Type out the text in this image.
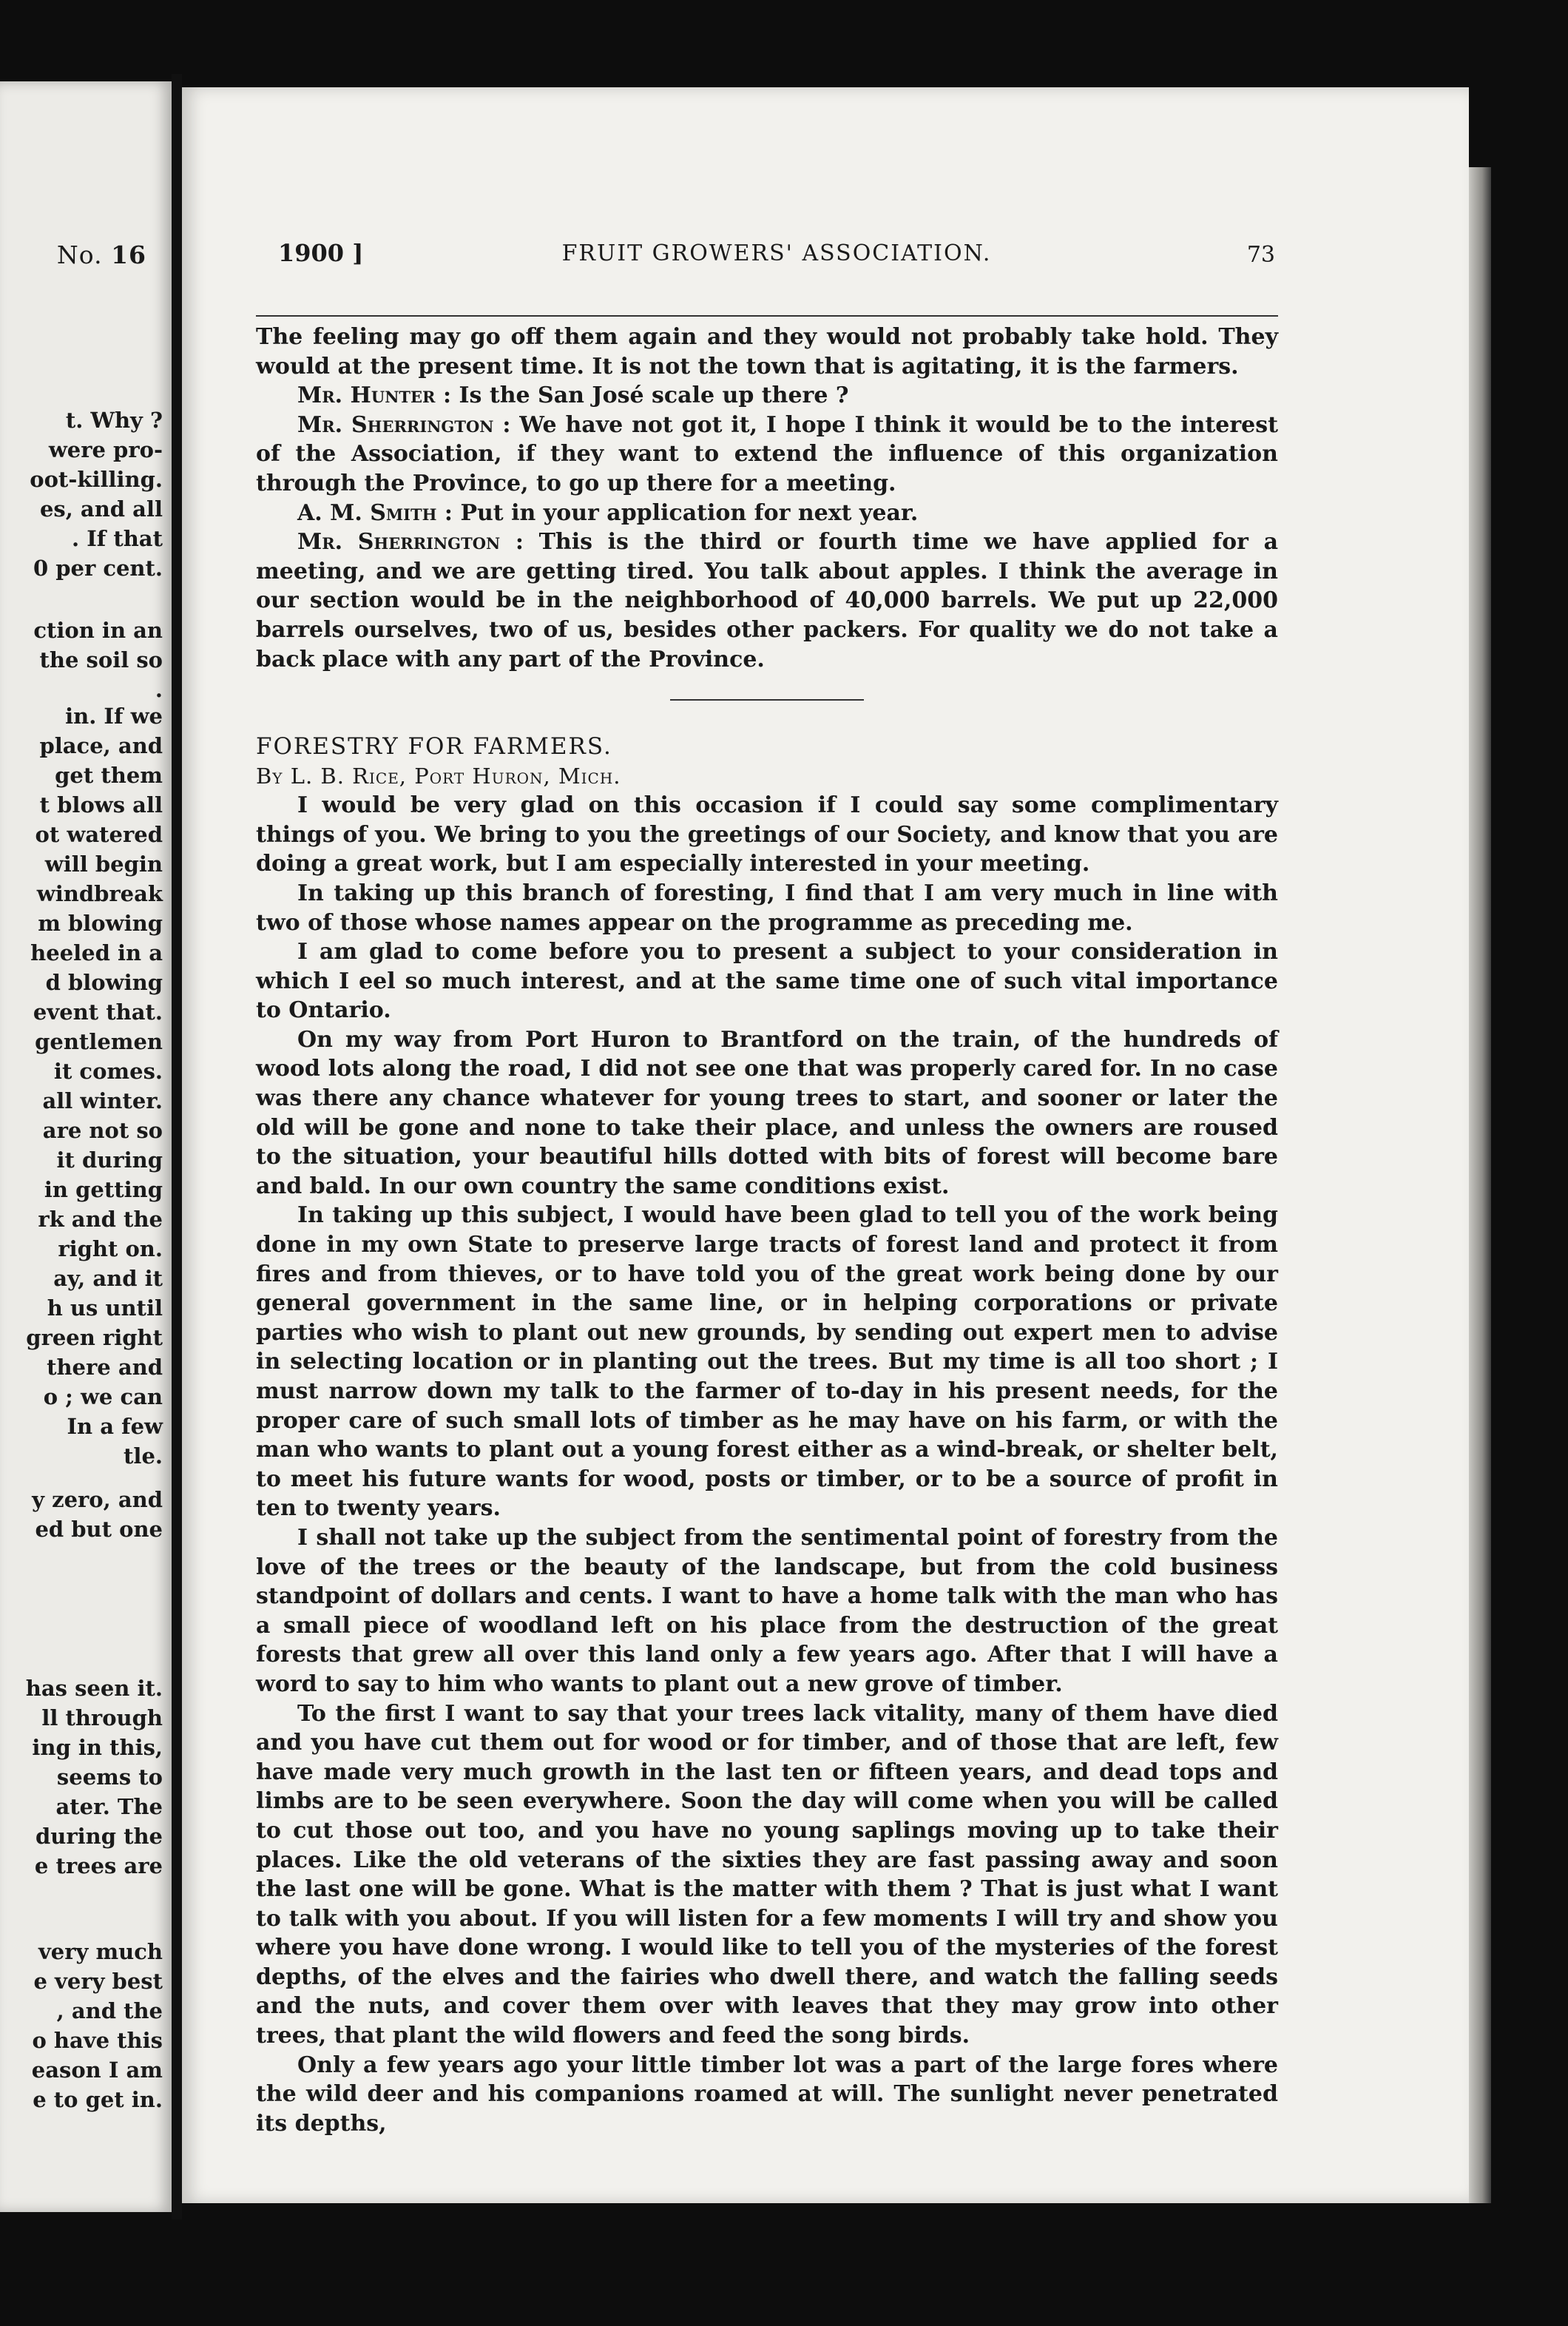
No. 16

t. Why ?
were pro-
oot-killing.
es, and all
. If that
0 per cent.
ction in an
the soil so
.
in. If we
place, and
get them
t blows all
ot watered
will begin
windbreak
m blowing
heeled in a
d blowing
event that.
gentlemen
it comes.
all winter.
are not so
it during
in getting
rk and the
right on.
ay, and it
h us until
green right
there and
o ; we can
In a few
tle.
y zero, and
ed but one
has seen it.
ll through
ing in this,
seems to
ater. The
during the
e trees are
very much
e very best
, and the
o have this
eason I am
e to get in.
1900 ]	FRUIT GROWERS' ASSOCIATION.	73

The feeling may go off them again and they would not probably take hold. They would at the present time. It is not the town that is agitating, it is the farmers.

Mr. Hunter : Is the San José scale up there ?

Mr. Sherrington : We have not got it, I hope I think it would be to the interest of the Association, if they want to extend the influence of this organization through the Province, to go up there for a meeting.

A. M. Smith : Put in your application for next year.

Mr. Sherrington : This is the third or fourth time we have applied for a meeting, and we are getting tired. You talk about apples. I think the average in our section would be in the neighborhood of 40,000 barrels. We put up 22,000 barrels ourselves, two of us, besides other packers. For quality we do not take a back place with any part of the Province.

FORESTRY FOR FARMERS.

By L. B. Rice, Port Huron, Mich.

I would be very glad on this occasion if I could say some complimentary things of you. We bring to you the greetings of our Society, and know that you are doing a great work, but I am especially interested in your meeting.

In taking up this branch of foresting, I find that I am very much in line with two of those whose names appear on the programme as preceding me.

I am glad to come before you to present a subject to your consideration in which I eel so much interest, and at the same time one of such vital importance to Ontario.

On my way from Port Huron to Brantford on the train, of the hundreds of wood lots along the road, I did not see one that was properly cared for. In no case was there any chance whatever for young trees to start, and sooner or later the old will be gone and none to take their place, and unless the owners are roused to the situation, your beautiful hills dotted with bits of forest will become bare and bald. In our own country the same conditions exist.

In taking up this subject, I would have been glad to tell you of the work being done in my own State to preserve large tracts of forest land and protect it from fires and from thieves, or to have told you of the great work being done by our general government in the same line, or in helping corporations or private parties who wish to plant out new grounds, by sending out expert men to advise in selecting location or in planting out the trees. But my time is all too short ; I must narrow down my talk to the farmer of to-day in his present needs, for the proper care of such small lots of timber as he may have on his farm, or with the man who wants to plant out a young forest either as a wind-break, or shelter belt, to meet his future wants for wood, posts or timber, or to be a source of profit in ten to twenty years.

I shall not take up the subject from the sentimental point of forestry from the love of the trees or the beauty of the landscape, but from the cold business standpoint of dollars and cents. I want to have a home talk with the man who has a small piece of woodland left on his place from the destruction of the great forests that grew all over this land only a few years ago. After that I will have a word to say to him who wants to plant out a new grove of timber.

To the first I want to say that your trees lack vitality, many of them have died and you have cut them out for wood or for timber, and of those that are left, few have made very much growth in the last ten or fifteen years, and dead tops and limbs are to be seen everywhere. Soon the day will come when you will be called to cut those out too, and you have no young saplings moving up to take their places. Like the old veterans of the sixties they are fast passing away and soon the last one will be gone. What is the matter with them ? That is just what I want to talk with you about. If you will listen for a few moments I will try and show you where you have done wrong. I would like to tell you of the mysteries of the forest depths, of the elves and the fairies who dwell there, and watch the falling seeds and the nuts, and cover them over with leaves that they may grow into other trees, that plant the wild flowers and feed the song birds.

Only a few years ago your little timber lot was a part of the large fores where the wild deer and his companions roamed at will. The sunlight never penetrated its depths,
